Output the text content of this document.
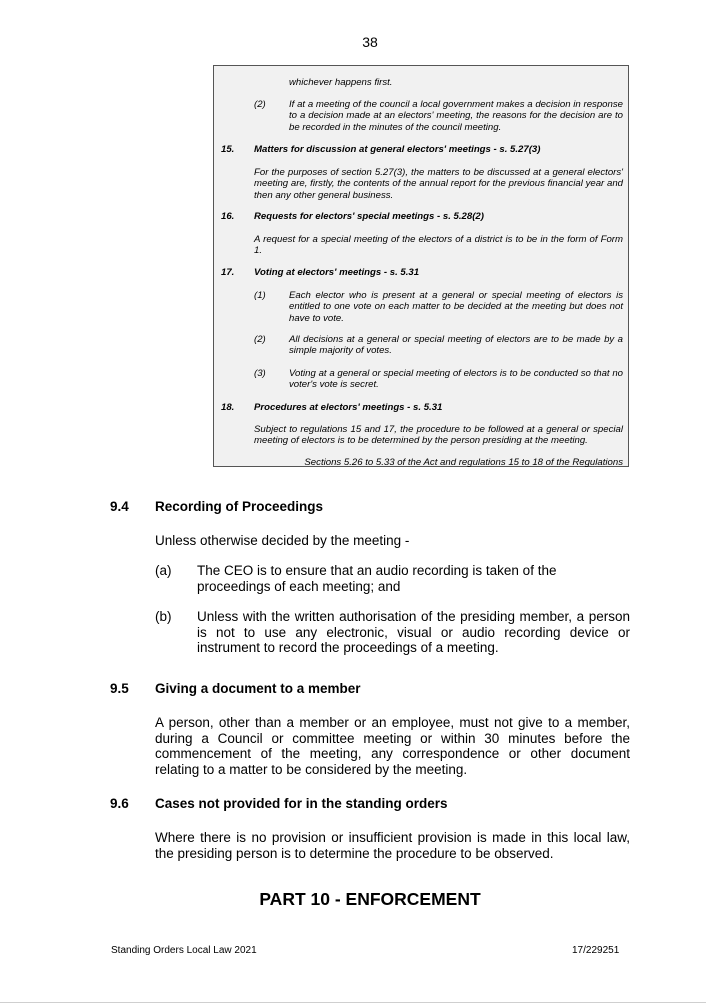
38
whichever happens first.
(2) If at a meeting of the council a local government makes a decision in response to a decision made at an electors' meeting, the reasons for the decision are to be recorded in the minutes of the council meeting.
15. Matters for discussion at general electors' meetings - s. 5.27(3)
For the purposes of section 5.27(3), the matters to be discussed at a general electors' meeting are, firstly, the contents of the annual report for the previous financial year and then any other general business.
16. Requests for electors' special meetings - s. 5.28(2)
A request for a special meeting of the electors of a district is to be in the form of Form 1.
17. Voting at electors' meetings - s. 5.31
(1) Each elector who is present at a general or special meeting of electors is entitled to one vote on each matter to be decided at the meeting but does not have to vote.
(2) All decisions at a general or special meeting of electors are to be made by a simple majority of votes.
(3) Voting at a general or special meeting of electors is to be conducted so that no voter's vote is secret.
18. Procedures at electors' meetings - s. 5.31
Subject to regulations 15 and 17, the procedure to be followed at a general or special meeting of electors is to be determined by the person presiding at the meeting.
Sections 5.26 to 5.33 of the Act and regulations 15 to 18 of the Regulations
9.4 Recording of Proceedings
Unless otherwise decided by the meeting -
(a) The CEO is to ensure that an audio recording is taken of the proceedings of each meeting; and
(b) Unless with the written authorisation of the presiding member, a person is not to use any electronic, visual or audio recording device or instrument to record the proceedings of a meeting.
9.5 Giving a document to a member
A person, other than a member or an employee, must not give to a member, during a Council or committee meeting or within 30 minutes before the commencement of the meeting, any correspondence or other document relating to a matter to be considered by the meeting.
9.6 Cases not provided for in the standing orders
Where there is no provision or insufficient provision is made in this local law, the presiding person is to determine the procedure to be observed.
PART 10 - ENFORCEMENT
Standing Orders Local Law 2021	17/229251
